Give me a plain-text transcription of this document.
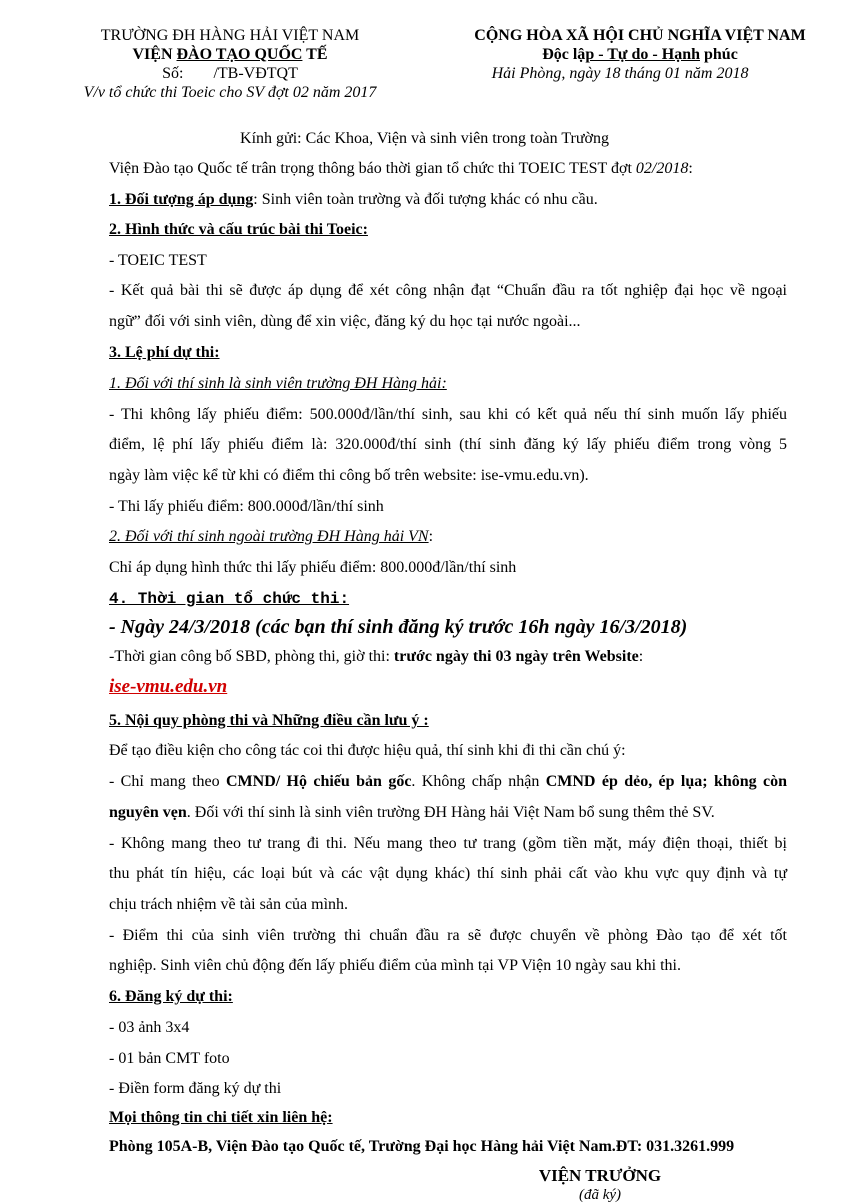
TRƯỜNG ĐH HÀNG HẢI VIỆT NAM
VIỆN ĐÀO TẠO QUỐC TẾ
Số: /TB-VĐTQT
V/v tổ chức thi Toeic cho SV đợt 02 năm 2017
CỘNG HÒA XÃ HỘI CHỦ NGHĨA VIỆT NAM
Độc lập - Tự do - Hạnh phúc
Hải Phòng, ngày 18 tháng 01 năm 2018
Kính gửi: Các Khoa, Viện và sinh viên trong toàn Trường
Viện Đào tạo Quốc tế trân trọng thông báo thời gian tổ chức thi TOEIC TEST đợt 02/2018:
1. Đối tượng áp dụng: Sinh viên toàn trường và đối tượng khác có nhu cầu.
2. Hình thức và cấu trúc bài thi Toeic:
- TOEIC TEST
- Kết quả bài thi sẽ được áp dụng để xét công nhận đạt “Chuẩn đầu ra tốt nghiệp đại học về ngoại
ngữ” đối với sinh viên, dùng để xin việc, đăng ký du học tại nước ngoài...
3. Lệ phí dự thi:
1. Đối với thí sinh là sinh viên trường ĐH Hàng hải:
- Thi không lấy phiếu điểm: 500.000đ/lần/thí sinh, sau khi có kết quả nếu thí sinh muốn lấy phiếu
điểm, lệ phí lấy phiếu điểm là: 320.000đ/thí sinh (thí sinh đăng ký lấy phiếu điểm trong vòng 5
ngày làm việc kể từ khi có điểm thi công bố trên website: ise-vmu.edu.vn).
- Thi lấy phiếu điểm: 800.000đ/lần/thí sinh
2. Đối với thí sinh ngoài trường ĐH Hàng hải VN:
Chỉ áp dụng hình thức thi lấy phiếu điểm: 800.000đ/lần/thí sinh
4. Thời gian tổ chức thi:
- Ngày 24/3/2018 (các bạn thí sinh đăng ký trước 16h ngày 16/3/2018)
-Thời gian công bố SBD, phòng thi, giờ thi: trước ngày thi 03 ngày trên Website:
ise-vmu.edu.vn
5. Nội quy phòng thi và Những điều cần lưu ý :
Để tạo điều kiện cho công tác coi thi được hiệu quả, thí sinh khi đi thi cần chú ý:
- Chỉ mang theo CMND/ Hộ chiếu bản gốc. Không chấp nhận CMND ép dẻo, ép lụa; không còn
nguyên vẹn. Đối với thí sinh là sinh viên trường ĐH Hàng hải Việt Nam bổ sung thêm thẻ SV.
- Không mang theo tư trang đi thi. Nếu mang theo tư trang (gồm tiền mặt, máy điện thoại, thiết bị
thu phát tín hiệu, các loại bút và các vật dụng khác) thí sinh phải cất vào khu vực quy định và tự
chịu trách nhiệm về tài sản của mình.
- Điểm thi của sinh viên trường thi chuẩn đầu ra sẽ được chuyển về phòng Đào tạo để xét tốt
nghiệp. Sinh viên chủ động đến lấy phiếu điểm của mình tại VP Viện 10 ngày sau khi thi.
6. Đăng ký dự thi:
- 03 ảnh 3x4
- 01 bản CMT foto
- Điền form đăng ký dự thi
Mọi thông tin chi tiết xin liên hệ:
Phòng 105A-B, Viện Đào tạo Quốc tế, Trường Đại học Hàng hải Việt Nam.ĐT: 031.3261.999
VIỆN TRƯỞNG
(đã ký)
